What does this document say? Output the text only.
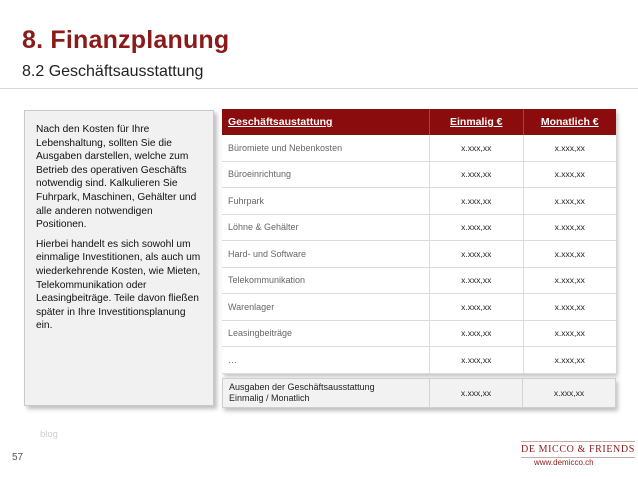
8. Finanzplanung
8.2 Geschäftsausstattung

Nach den Kosten für Ihre Lebenshaltung, sollten Sie die Ausgaben darstellen, welche zum Betrieb des operativen Geschäfts notwendig sind. Kalkulieren Sie Fuhrpark, Maschinen, Gehälter und alle anderen notwendigen Positionen.

Hierbei handelt es sich sowohl um einmalige Investitionen, als auch um wiederkehrende Kosten, wie Mieten, Telekommunikation oder Leasingbeiträge. Teile davon fließen später in Ihre Investitionsplanung ein.

Geschäftsaustattung	Einmalig €	Monatlich €
Büromiete und Nebenkosten	x.xxx,xx	x.xxx,xx
Büroeinrichtung	x.xxx,xx	x.xxx,xx
Fuhrpark	x.xxx,xx	x.xxx,xx
Löhne & Gehälter	x.xxx,xx	x.xxx,xx
Hard- und Software	x.xxx,xx	x.xxx,xx
Telekommunikation	x.xxx,xx	x.xxx,xx
Warenlager	x.xxx,xx	x.xxx,xx
Leasingbeiträge	x.xxx,xx	x.xxx,xx
…	x.xxx,xx	x.xxx,xx
Ausgaben der Geschäftsausstattung
Einmalig / Monatlich	x.xxx,xx	x.xxx,xx
blog
57
DE MICCO & FRIENDS
www.demicco.ch
